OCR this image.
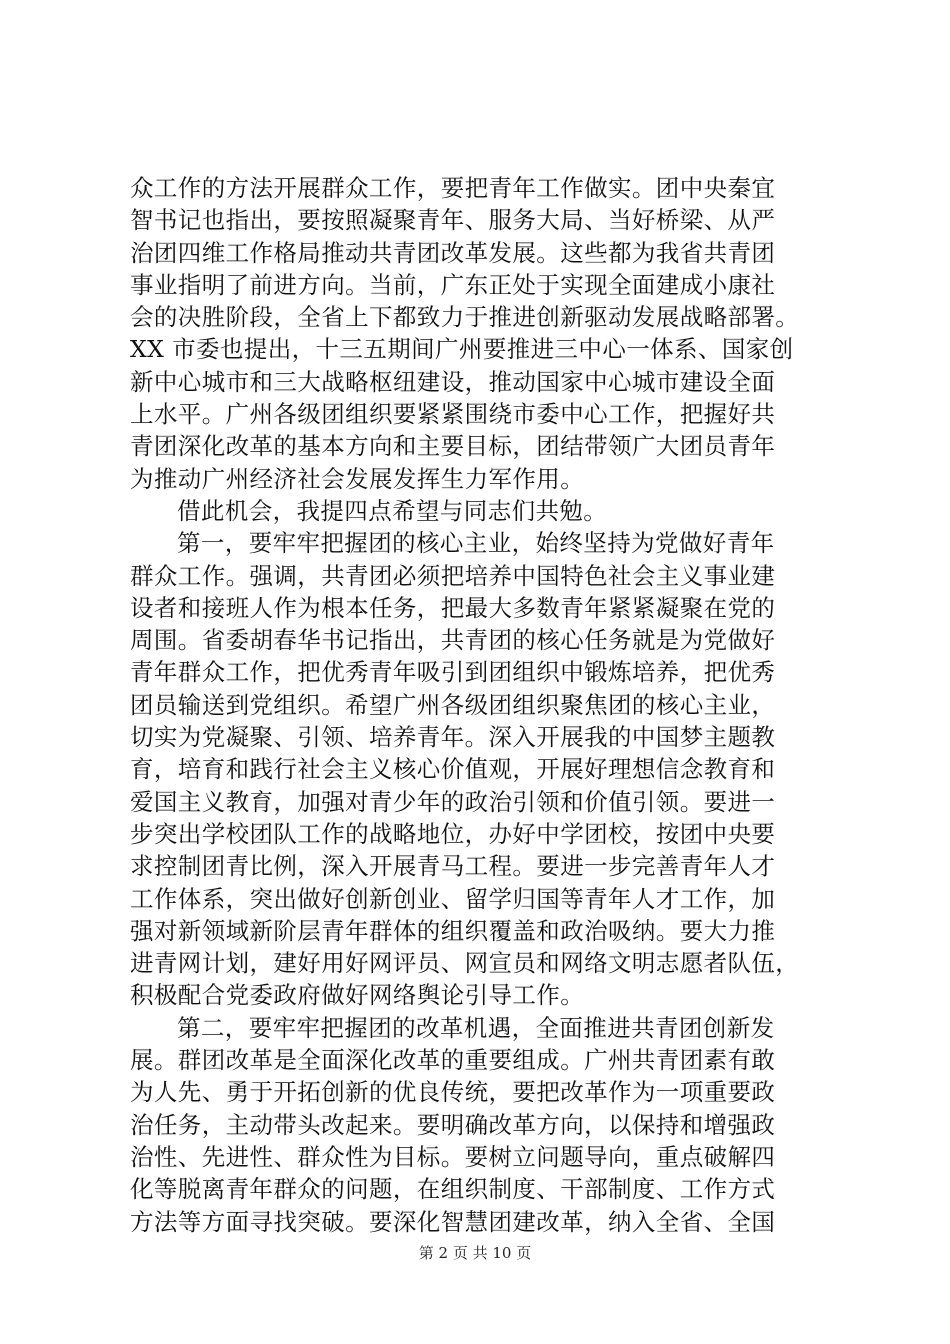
众工作的方法开展群众工作，要把青年工作做实。团中央秦宜
智书记也指出，要按照凝聚青年、服务大局、当好桥梁、从严
治团四维工作格局推动共青团改革发展。这些都为我省共青团
事业指明了前进方向。当前，广东正处于实现全面建成小康社
会的决胜阶段，全省上下都致力于推进创新驱动发展战略部署。
XX 市委也提出，十三五期间广州要推进三中心一体系、国家创
新中心城市和三大战略枢纽建设，推动国家中心城市建设全面
上水平。广州各级团组织要紧紧围绕市委中心工作，把握好共
青团深化改革的基本方向和主要目标，团结带领广大团员青年
为推动广州经济社会发展发挥生力军作用。
借此机会，我提四点希望与同志们共勉。
第一，要牢牢把握团的核心主业，始终坚持为党做好青年
群众工作。强调，共青团必须把培养中国特色社会主义事业建
设者和接班人作为根本任务，把最大多数青年紧紧凝聚在党的
周围。省委胡春华书记指出，共青团的核心任务就是为党做好
青年群众工作，把优秀青年吸引到团组织中锻炼培养，把优秀
团员输送到党组织。希望广州各级团组织聚焦团的核心主业，
切实为党凝聚、引领、培养青年。深入开展我的中国梦主题教
育，培育和践行社会主义核心价值观，开展好理想信念教育和
爱国主义教育，加强对青少年的政治引领和价值引领。要进一
步突出学校团队工作的战略地位，办好中学团校，按团中央要
求控制团青比例，深入开展青马工程。要进一步完善青年人才
工作体系，突出做好创新创业、留学归国等青年人才工作，加
强对新领域新阶层青年群体的组织覆盖和政治吸纳。要大力推
进青网计划，建好用好网评员、网宣员和网络文明志愿者队伍，
积极配合党委政府做好网络舆论引导工作。
第二，要牢牢把握团的改革机遇，全面推进共青团创新发
展。群团改革是全面深化改革的重要组成。广州共青团素有敢
为人先、勇于开拓创新的优良传统，要把改革作为一项重要政
治任务，主动带头改起来。要明确改革方向，以保持和增强政
治性、先进性、群众性为目标。要树立问题导向，重点破解四
化等脱离青年群众的问题，在组织制度、干部制度、工作方式
方法等方面寻找突破。要深化智慧团建改革，纳入全省、全国
第 2 页 共 10 页
